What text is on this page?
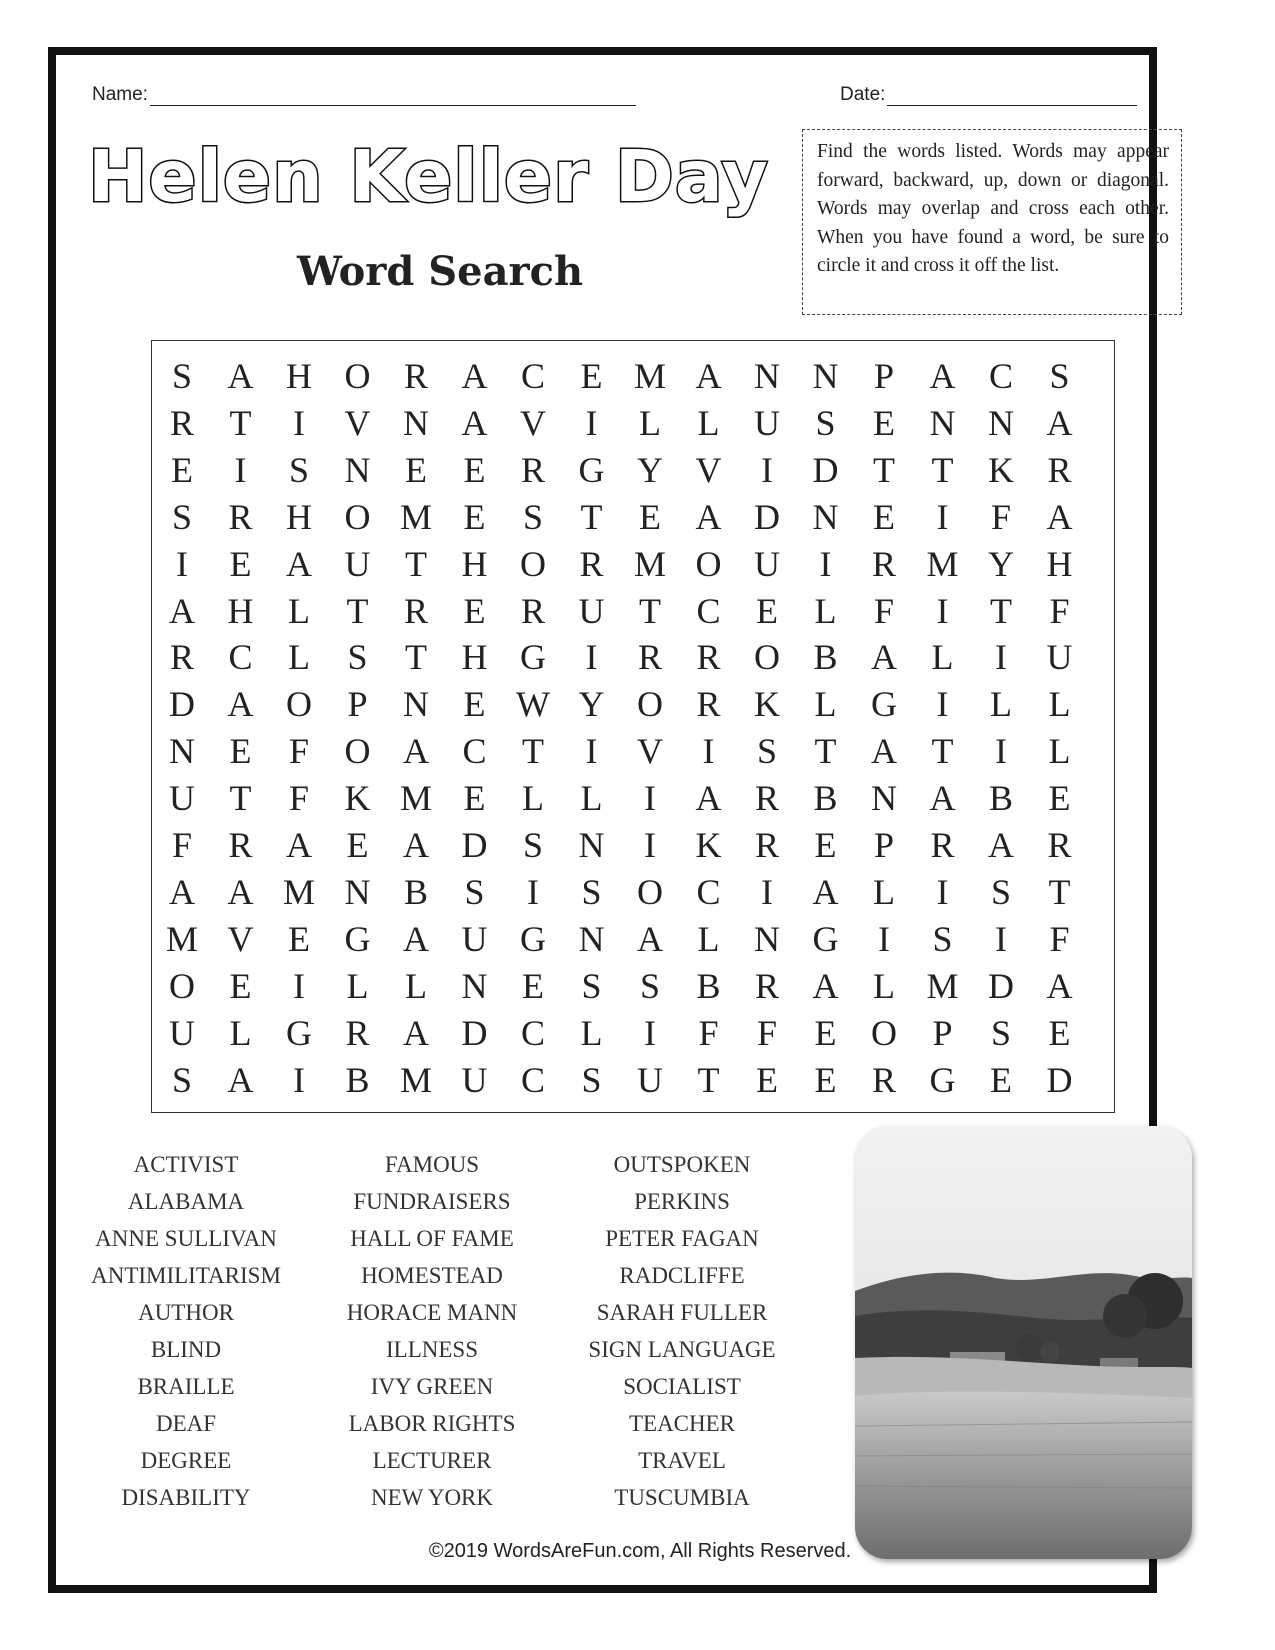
Name:	Date:
Helen Keller Day
Word Search
Find the words listed. Words may appear forward, backward, up, down or diagonal. Words may overlap and cross each other. When you have found a word, be sure to circle it and cross it off the list.
S A H O R A C E M A N N P A C S
R T	I	V N A V	I	L L U S E N N A
E	I	S N E E R G Y V	I	D T T K R
S R H O M E S T E A D N E	I	F A
I	E A U T H O R M O U	I	R M Y H
A H L T R E R U T C E L F	I	T F
R C L S T H G	I	R R O B A L	I	U
D A O P N E W Y O R K L G	I	L L
N E F O A C T	I	V	I	S T A T	I	L
U T F K M E L L	I	A R B N A B E
F R A E A D S N	I	K R E P R A R
A A M N B S	I	S O C	I	A L	I	S T
M V E G A U G N A L N G	I	S	I	F
O E	I	L L N E S S B R A L M D A
U L G R A D C L	I	F F E O P S E
S A	I	B M U C S U T E E R G E D
ACTIVIST
ALABAMA
ANNE SULLIVAN
ANTIMILITARISM
AUTHOR
BLIND
BRAILLE
DEAF
DEGREE
DISABILITY
FAMOUS
FUNDRAISERS
HALL OF FAME
HOMESTEAD
HORACE MANN
ILLNESS
IVY GREEN
LABOR RIGHTS
LECTURER
NEW YORK
OUTSPOKEN
PERKINS
PETER FAGAN
RADCLIFFE
SARAH FULLER
SIGN LANGUAGE
SOCIALIST
TEACHER
TRAVEL
TUSCUMBIA
©2019 WordsAreFun.com, All Rights Reserved.
